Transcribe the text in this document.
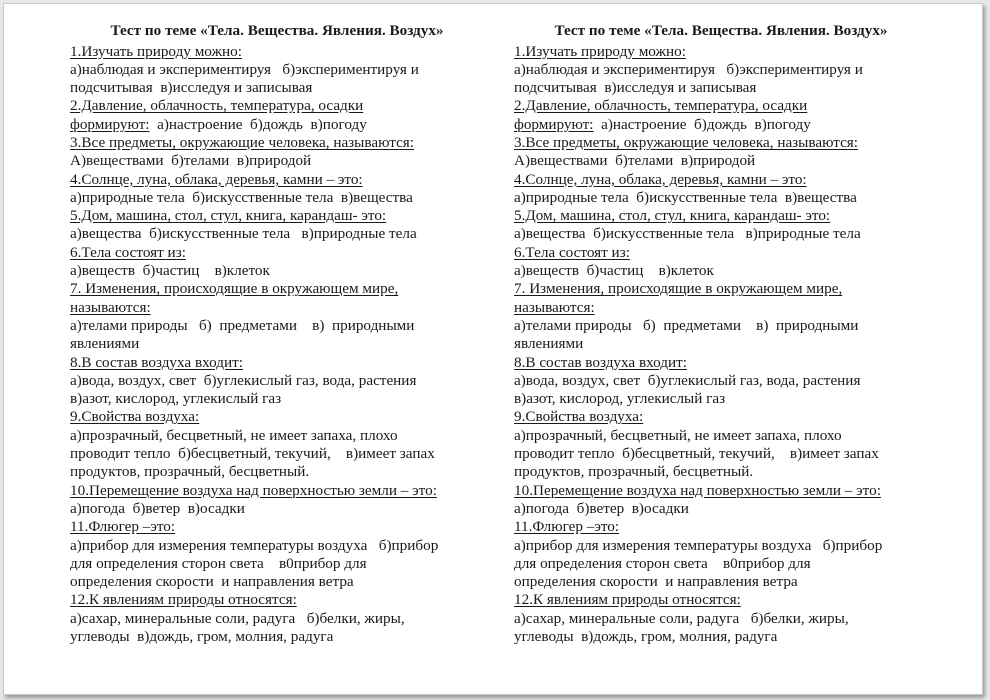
Тест по теме «Тела. Вещества. Явления. Воздух»
1.Изучать природу можно:
а)наблюдая и экспериментируя   б)экспериментируя и
подсчитывая  в)исследуя и записывая
2.Давление, облачность, температура, осадки
формируют:  а)настроение  б)дождь  в)погоду
3.Все предметы, окружающие человека, называются:
А)веществами  б)телами  в)природой
4.Солнце, луна, облака, деревья, камни – это:
а)природные тела  б)искусственные тела  в)вещества
5.Дом, машина, стол, стул, книга, карандаш- это:
а)вещества  б)искусственные тела   в)природные тела
6.Тела состоят из:
а)веществ  б)частиц    в)клеток
7. Изменения, происходящие в окружающем мире,
называются:
а)телами природы   б)  предметами    в)  природными
явлениями
8.В состав воздуха входит:
а)вода, воздух, свет  б)углекислый газ, вода, растения
в)азот, кислород, углекислый газ
9.Свойства воздуха:
а)прозрачный, бесцветный, не имеет запаха, плохо
проводит тепло  б)бесцветный, текучий,    в)имеет запах
продуктов, прозрачный, бесцветный.
10.Перемещение воздуха над поверхностью земли – это:
а)погода  б)ветер  в)осадки
11.Флюгер –это:
а)прибор для измерения температуры воздуха   б)прибор
для определения сторон света    в0прибор для
определения скорости  и направления ветра
12.К явлениям природы относятся:
а)сахар, минеральные соли, радуга   б)белки, жиры,
углеводы  в)дождь, гром, молния, радуга
Тест по теме «Тела. Вещества. Явления. Воздух»
1.Изучать природу можно:
а)наблюдая и экспериментируя   б)экспериментируя и
подсчитывая  в)исследуя и записывая
2.Давление, облачность, температура, осадки
формируют:  а)настроение  б)дождь  в)погоду
3.Все предметы, окружающие человека, называются:
А)веществами  б)телами  в)природой
4.Солнце, луна, облака, деревья, камни – это:
а)природные тела  б)искусственные тела  в)вещества
5.Дом, машина, стол, стул, книга, карандаш- это:
а)вещества  б)искусственные тела   в)природные тела
6.Тела состоят из:
а)веществ  б)частиц    в)клеток
7. Изменения, происходящие в окружающем мире,
называются:
а)телами природы   б)  предметами    в)  природными
явлениями
8.В состав воздуха входит:
а)вода, воздух, свет  б)углекислый газ, вода, растения
в)азот, кислород, углекислый газ
9.Свойства воздуха:
а)прозрачный, бесцветный, не имеет запаха, плохо
проводит тепло  б)бесцветный, текучий,    в)имеет запах
продуктов, прозрачный, бесцветный.
10.Перемещение воздуха над поверхностью земли – это:
а)погода  б)ветер  в)осадки
11.Флюгер –это:
а)прибор для измерения температуры воздуха   б)прибор
для определения сторон света    в0прибор для
определения скорости  и направления ветра
12.К явлениям природы относятся:
а)сахар, минеральные соли, радуга   б)белки, жиры,
углеводы  в)дождь, гром, молния, радуга
